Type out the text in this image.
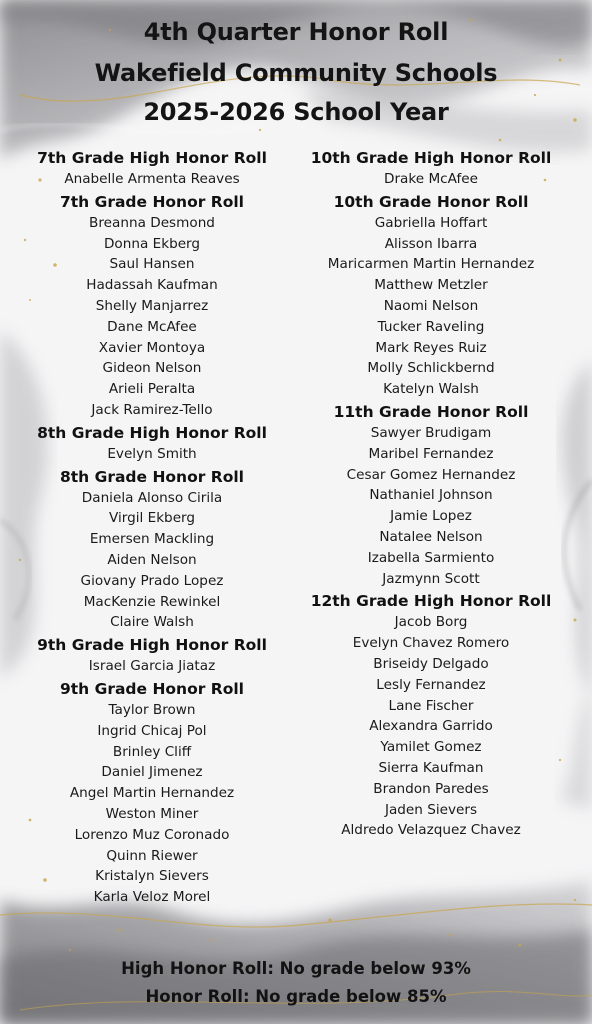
4th Quarter Honor Roll
Wakefield Community Schools
2025-2026 School Year
7th Grade High Honor Roll
Anabelle Armenta Reaves
7th Grade Honor Roll
Breanna Desmond
Donna Ekberg
Saul Hansen
Hadassah Kaufman
Shelly Manjarrez
Dane McAfee
Xavier Montoya
Gideon Nelson
Arieli Peralta
Jack Ramirez-Tello
8th Grade High Honor Roll
Evelyn Smith
8th Grade Honor Roll
Daniela Alonso Cirila
Virgil Ekberg
Emersen Mackling
Aiden Nelson
Giovany Prado Lopez
MacKenzie Rewinkel
Claire Walsh
9th Grade High Honor Roll
Israel Garcia Jiataz
9th Grade Honor Roll
Taylor Brown
Ingrid Chicaj Pol
Brinley Cliff
Daniel Jimenez
Angel Martin Hernandez
Weston Miner
Lorenzo Muz Coronado
Quinn Riewer
Kristalyn Sievers
Karla Veloz Morel
10th Grade High Honor Roll
Drake McAfee
10th Grade Honor Roll
Gabriella Hoffart
Alisson Ibarra
Maricarmen Martin Hernandez
Matthew Metzler
Naomi Nelson
Tucker Raveling
Mark Reyes Ruiz
Molly Schlickbernd
Katelyn Walsh
11th Grade Honor Roll
Sawyer Brudigam
Maribel Fernandez
Cesar Gomez Hernandez
Nathaniel Johnson
Jamie Lopez
Natalee Nelson
Izabella Sarmiento
Jazmynn Scott
12th Grade High Honor Roll
Jacob Borg
Evelyn Chavez Romero
Briseidy Delgado
Lesly Fernandez
Lane Fischer
Alexandra Garrido
Yamilet Gomez
Sierra Kaufman
Brandon Paredes
Jaden Sievers
Aldredo Velazquez Chavez
High Honor Roll: No grade below 93%
Honor Roll: No grade below 85%
